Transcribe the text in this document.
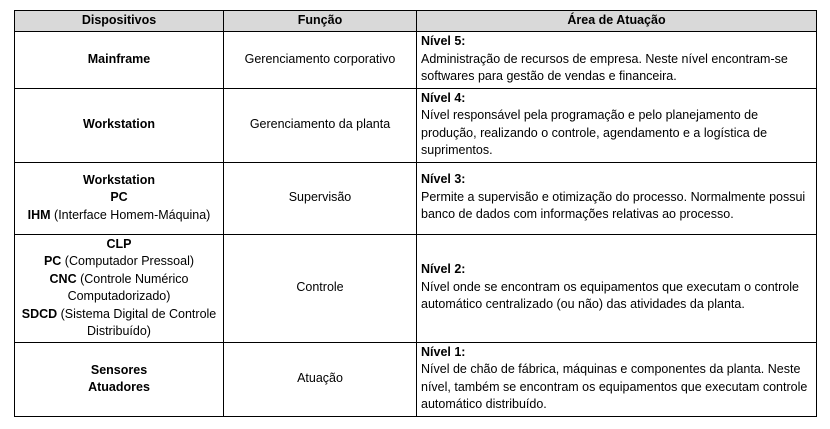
Dispositivos	Função	Área de Atuação

Mainframe	Gerenciamento corporativo	Nível 5:
Administração de recursos de empresa. Neste nível encontram-se softwares para gestão de vendas e financeira.

Workstation	Gerenciamento da planta	Nível 4:
Nível responsável pela programação e pelo planejamento de produção, realizando o controle, agendamento e a logística de suprimentos.

Workstation
PC
IHM (Interface Homem-Máquina)	Supervisão	Nível 3:
Permite a supervisão e otimização do processo. Normalmente possui banco de dados com informações relativas ao processo.

CLP
PC (Computador Pressoal)
CNC (Controle Numérico Computadorizado)
SDCD (Sistema Digital de Controle Distribuído)	Controle	Nível 2:
Nível onde se encontram os equipamentos que executam o controle automático centralizado (ou não) das atividades da planta.

Sensores
Atuadores	Atuação	Nível 1:
Nível de chão de fábrica, máquinas e componentes da planta. Neste nível, também se encontram os equipamentos que executam controle automático distribuído.
